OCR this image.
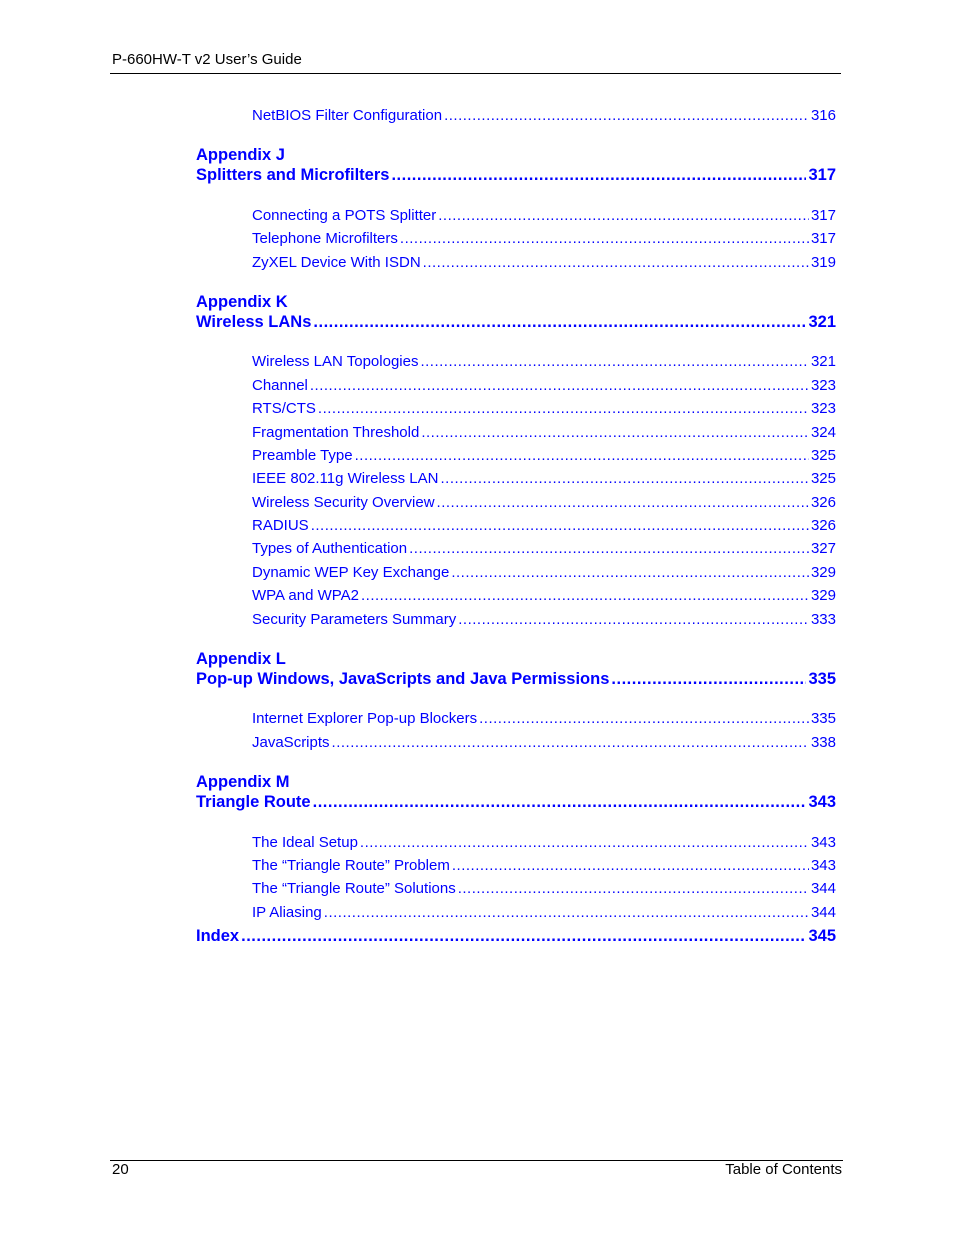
P-660HW-T v2 User’s Guide
NetBIOS Filter Configuration .....	316
Appendix J
Splitters and Microfilters .....	317
Connecting a POTS Splitter .....	317
Telephone Microfilters .....	317
ZyXEL Device With ISDN .....	319
Appendix K
Wireless LANs .....	321
Wireless LAN Topologies .....	321
Channel .....	323
RTS/CTS .....	323
Fragmentation Threshold .....	324
Preamble Type .....	325
IEEE 802.11g Wireless LAN .....	325
Wireless Security Overview .....	326
RADIUS .....	326
Types of Authentication .....	327
Dynamic WEP Key Exchange .....	329
WPA and WPA2 .....	329
Security Parameters Summary .....	333
Appendix L
Pop-up Windows, JavaScripts and Java Permissions .....	335
Internet Explorer Pop-up Blockers .....	335
JavaScripts .....	338
Appendix M
Triangle Route .....	343
The Ideal Setup .....	343
The “Triangle Route” Problem .....	343
The “Triangle Route” Solutions .....	344
IP Aliasing .....	344
Index .....	345
20	Table of Contents
